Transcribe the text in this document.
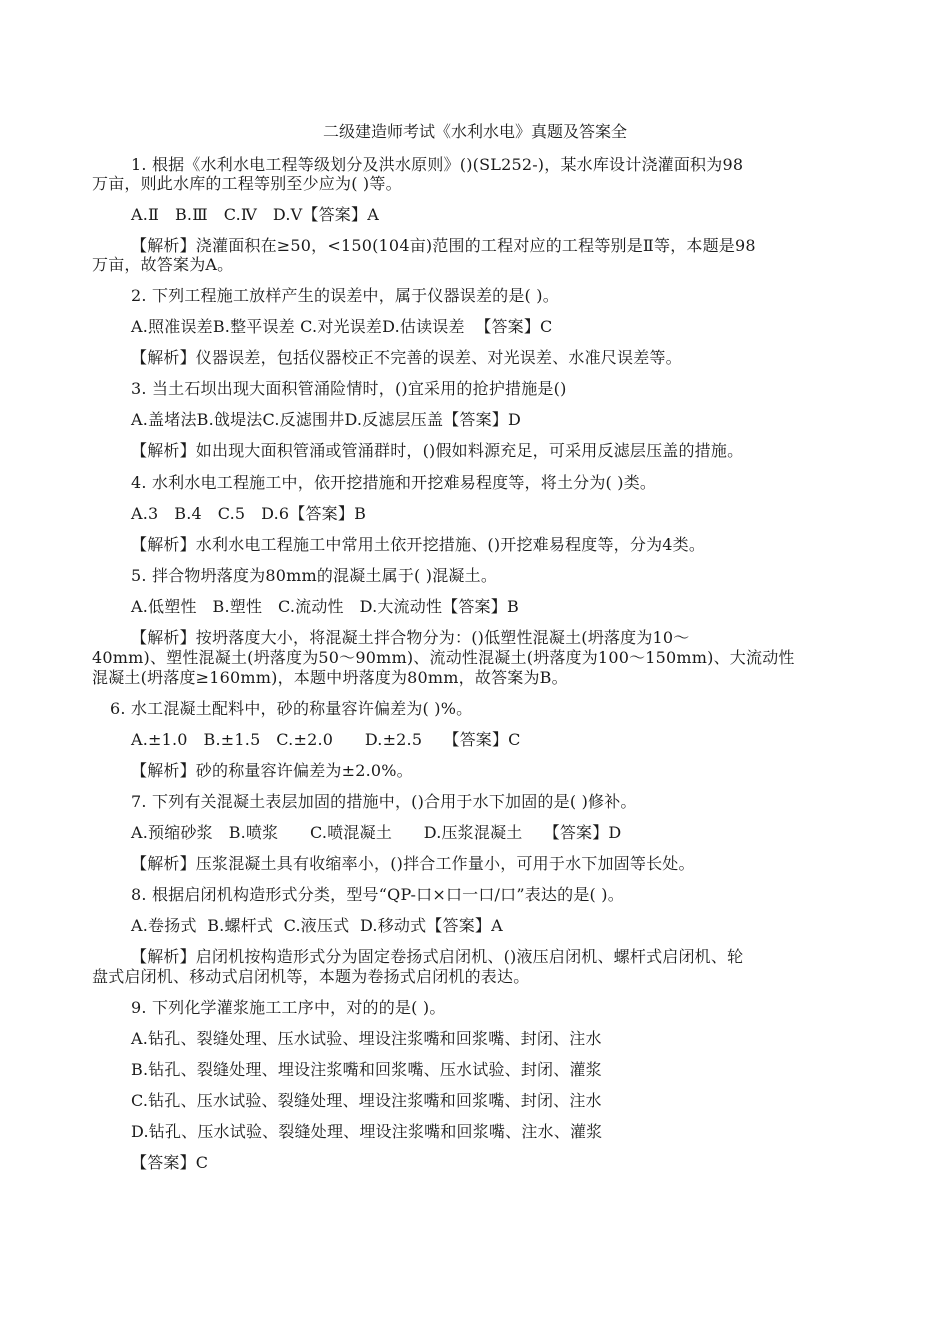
二级建造师考试《水利水电》真题及答案全
1. 根据《水利水电工程等级划分及洪水原则》()(SL252-)，某水库设计浇灌面积为98
万亩，则此水库的工程等别至少应为( )等。
A.Ⅱ   B.Ⅲ   C.Ⅳ   D.Ⅴ【答案】A
【解析】浇灌面积在≥50，<150(104亩)范围的工程对应的工程等别是Ⅱ等，本题是98
万亩，故答案为A。
2. 下列工程施工放样产生的误差中，属于仪器误差的是( )。
A.照准误差B.整平误差 C.对光误差D.估读误差  【答案】C
【解析】仪器误差，包括仪器校正不完善的误差、对光误差、水准尺误差等。
3. 当土石坝出现大面积管涌险情时，()宜采用的抢护措施是()
A.盖堵法B.戗堤法C.反滤围井D.反滤层压盖【答案】D
【解析】如出现大面积管涌或管涌群时，()假如料源充足，可采用反滤层压盖的措施。
4. 水利水电工程施工中，依开挖措施和开挖难易程度等，将土分为( )类。
A.3   B.4   C.5   D.6【答案】B
【解析】水利水电工程施工中常用土依开挖措施、()开挖难易程度等，分为4类。
5. 拌合物坍落度为80mm的混凝土属于( )混凝土。
A.低塑性   B.塑性   C.流动性   D.大流动性【答案】B
【解析】按坍落度大小，将混凝土拌合物分为：()低塑性混凝土(坍落度为10～
40mm)、塑性混凝土(坍落度为50～90mm)、流动性混凝土(坍落度为100～150mm)、大流动性
混凝土(坍落度≥160mm)，本题中坍落度为80mm，故答案为B。
6. 水工混凝土配料中，砂的称量容许偏差为( )%。
A.±1.0   B.±1.5   C.±2.0      D.±2.5    【答案】C
【解析】砂的称量容许偏差为±2.0%。
7. 下列有关混凝土表层加固的措施中，()合用于水下加固的是( )修补。
A.预缩砂浆   B.喷浆      C.喷混凝土      D.压浆混凝土    【答案】D
【解析】压浆混凝土具有收缩率小，()拌合工作量小，可用于水下加固等长处。
8. 根据启闭机构造形式分类，型号“QP-口×口一口/口”表达的是( )。
A.卷扬式  B.螺杆式  C.液压式  D.移动式【答案】A
【解析】启闭机按构造形式分为固定卷扬式启闭机、()液压启闭机、螺杆式启闭机、轮
盘式启闭机、移动式启闭机等，本题为卷扬式启闭机的表达。
9. 下列化学灌浆施工工序中，对的的是( )。
A.钻孔、裂缝处理、压水试验、埋设注浆嘴和回浆嘴、封闭、注水
B.钻孔、裂缝处理、埋设注浆嘴和回浆嘴、压水试验、封闭、灌浆
C.钻孔、压水试验、裂缝处理、埋设注浆嘴和回浆嘴、封闭、注水
D.钻孔、压水试验、裂缝处理、埋设注浆嘴和回浆嘴、注水、灌浆
【答案】C
